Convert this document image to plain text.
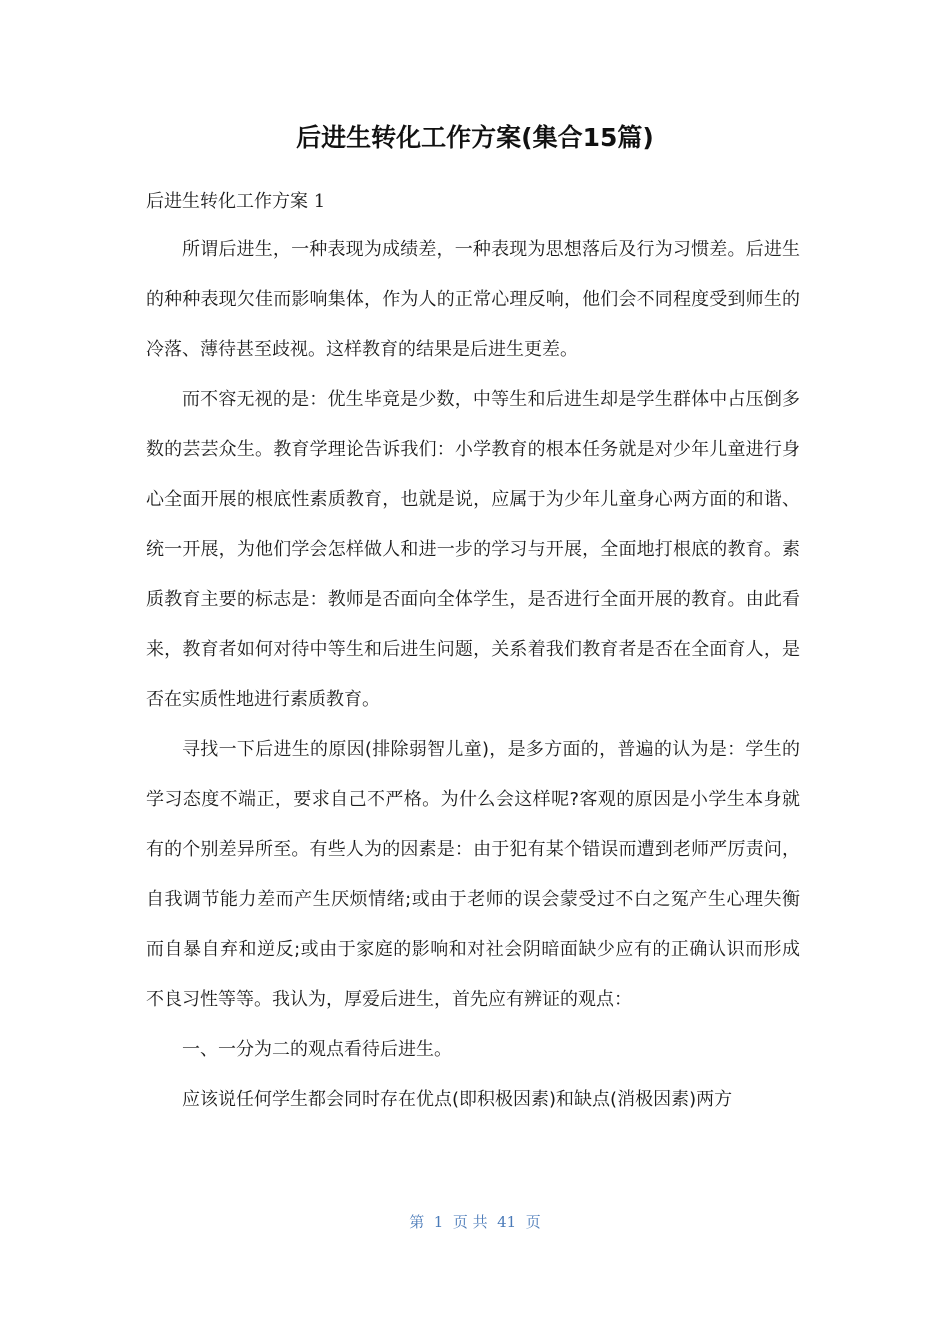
后进生转化工作方案(集合15篇)
后进生转化工作方案 1

所谓后进生，一种表现为成绩差，一种表现为思想落后及行为习惯差。后进生的种种表现欠佳而影响集体，作为人的正常心理反响，他们会不同程度受到师生的冷落、薄待甚至歧视。这样教育的结果是后进生更差。

而不容无视的是：优生毕竟是少数，中等生和后进生却是学生群体中占压倒多数的芸芸众生。教育学理论告诉我们：小学教育的根本任务就是对少年儿童进行身心全面开展的根底性素质教育，也就是说，应属于为少年儿童身心两方面的和谐、统一开展，为他们学会怎样做人和进一步的学习与开展，全面地打根底的教育。素质教育主要的标志是：教师是否面向全体学生，是否进行全面开展的教育。由此看来，教育者如何对待中等生和后进生问题，关系着我们教育者是否在全面育人，是否在实质性地进行素质教育。

寻找一下后进生的原因(排除弱智儿童)，是多方面的，普遍的认为是：学生的学习态度不端正，要求自己不严格。为什么会这样呢?客观的原因是小学生本身就有的个别差异所至。有些人为的因素是：由于犯有某个错误而遭到老师严厉责问，自我调节能力差而产生厌烦情绪;或由于老师的误会蒙受过不白之冤产生心理失衡而自暴自弃和逆反;或由于家庭的影响和对社会阴暗面缺少应有的正确认识而形成不良习性等等。我认为，厚爱后进生，首先应有辨证的观点：

一、一分为二的观点看待后进生。

应该说任何学生都会同时存在优点(即积极因素)和缺点(消极因素)两方

第  1  页 共  41  页
